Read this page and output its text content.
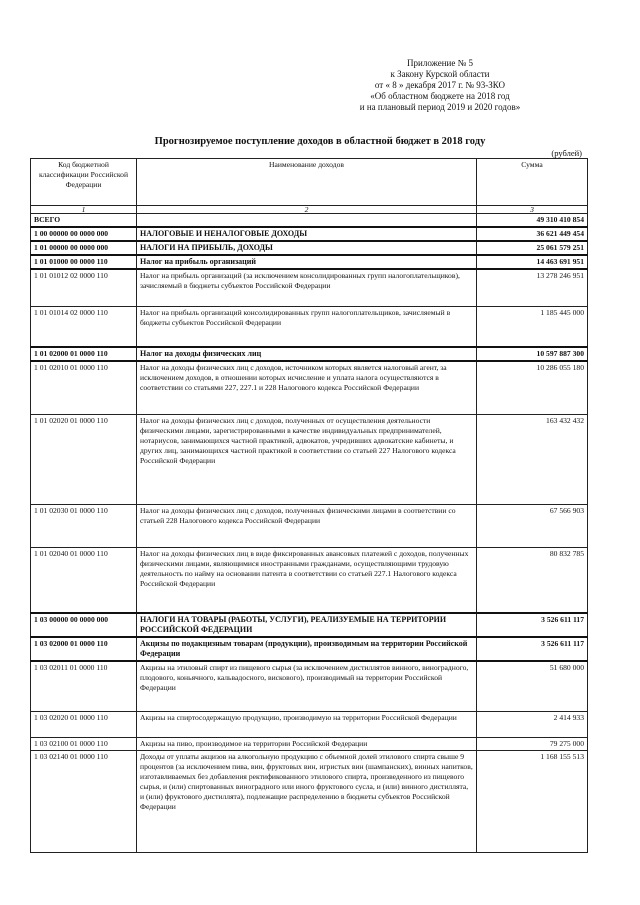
Приложение № 5
к Закону Курской области
от « 8 » декабря 2017 г. № 93-ЗКО
«Об областном бюджете на 2018 год
и на плановый период 2019 и 2020 годов»
Прогнозируемое поступление доходов в областной бюджет в 2018 году
(рублей)
Код бюджетной классификации Российской Федерации	Наименование доходов	Сумма
1	2	3
ВСЕГО		49 310 410 854
1 00 00000 00 0000 000	НАЛОГОВЫЕ И НЕНАЛОГОВЫЕ ДОХОДЫ	36 621 449 454
1 01 00000 00 0000 000	НАЛОГИ НА ПРИБЫЛЬ, ДОХОДЫ	25 061 579 251
1 01 01000 00 0000 110	Налог на прибыль организаций	14 463 691 951
1 01 01012 02 0000 110	Налог на прибыль организаций (за исключением консолидированных групп налогоплательщиков), зачисляемый в бюджеты субъектов Российской Федерации	13 278 246 951
1 01 01014 02 0000 110	Налог на прибыль организаций консолидированных групп налогоплательщиков, зачисляемый в бюджеты субъектов Российской Федерации	1 185 445 000
1 01 02000 01 0000 110	Налог на доходы физических лиц	10 597 887 300
1 01 02010 01 0000 110	Налог на доходы физических лиц с доходов, источником которых является налоговый агент, за исключением доходов, в отношении которых исчисление и уплата налога осуществляются в соответствии со статьями 227, 227.1 и 228 Налогового кодекса Российской Федерации	10 286 055 180
1 01 02020 01 0000 110	Налог на доходы физических лиц с доходов, полученных от осуществления деятельности физическими лицами, зарегистрированными в качестве индивидуальных предпринимателей, нотариусов, занимающихся частной практикой, адвокатов, учредивших адвокатские кабинеты, и других лиц, занимающихся частной практикой в соответствии со статьей 227 Налогового кодекса Российской Федерации	163 432 432
1 01 02030 01 0000 110	Налог на доходы физических лиц с доходов, полученных физическими лицами в соответствии со статьей 228 Налогового кодекса Российской Федерации	67 566 903
1 01 02040 01 0000 110	Налог на доходы физических лиц в виде фиксированных авансовых платежей с доходов, полученных физическими лицами, являющимися иностранными гражданами, осуществляющими трудовую деятельность по найму на основании патента в соответствии со статьей 227.1 Налогового кодекса Российской Федерации	80 832 785
1 03 00000 00 0000 000	НАЛОГИ НА ТОВАРЫ (РАБОТЫ, УСЛУГИ), РЕАЛИЗУЕМЫЕ НА ТЕРРИТОРИИ РОССИЙСКОЙ ФЕДЕРАЦИИ	3 526 611 117
1 03 02000 01 0000 110	Акцизы по подакцизным товарам (продукции), производимым на территории Российской Федерации	3 526 611 117
1 03 02011 01 0000 110	Акцизы на этиловый спирт из пищевого сырья (за исключением дистиллятов винного, виноградного, плодового, коньячного, кальвадосного, вискового), производимый на территории Российской Федерации	51 680 000
1 03 02020 01 0000 110	Акцизы на спиртосодержащую продукцию, производимую на территории Российской Федерации	2 414 933
1 03 02100 01 0000 110	Акцизы на пиво, производимое на территории Российской Федерации	79 275 000
1 03 02140 01 0000 110	Доходы от уплаты акцизов на алкогольную продукцию с объемной долей этилового спирта свыше 9 процентов (за исключением пива, вин, фруктовых вин, игристых вин (шампанских), винных напитков, изготавливаемых без добавления ректификованного этилового спирта, произведенного из пищевого сырья, и (или) спиртованных виноградного или иного фруктового сусла, и (или) винного дистиллята, и (или) фруктового дистиллята), подлежащие распределению в бюджеты субъектов Российской Федерации	1 168 155 513
